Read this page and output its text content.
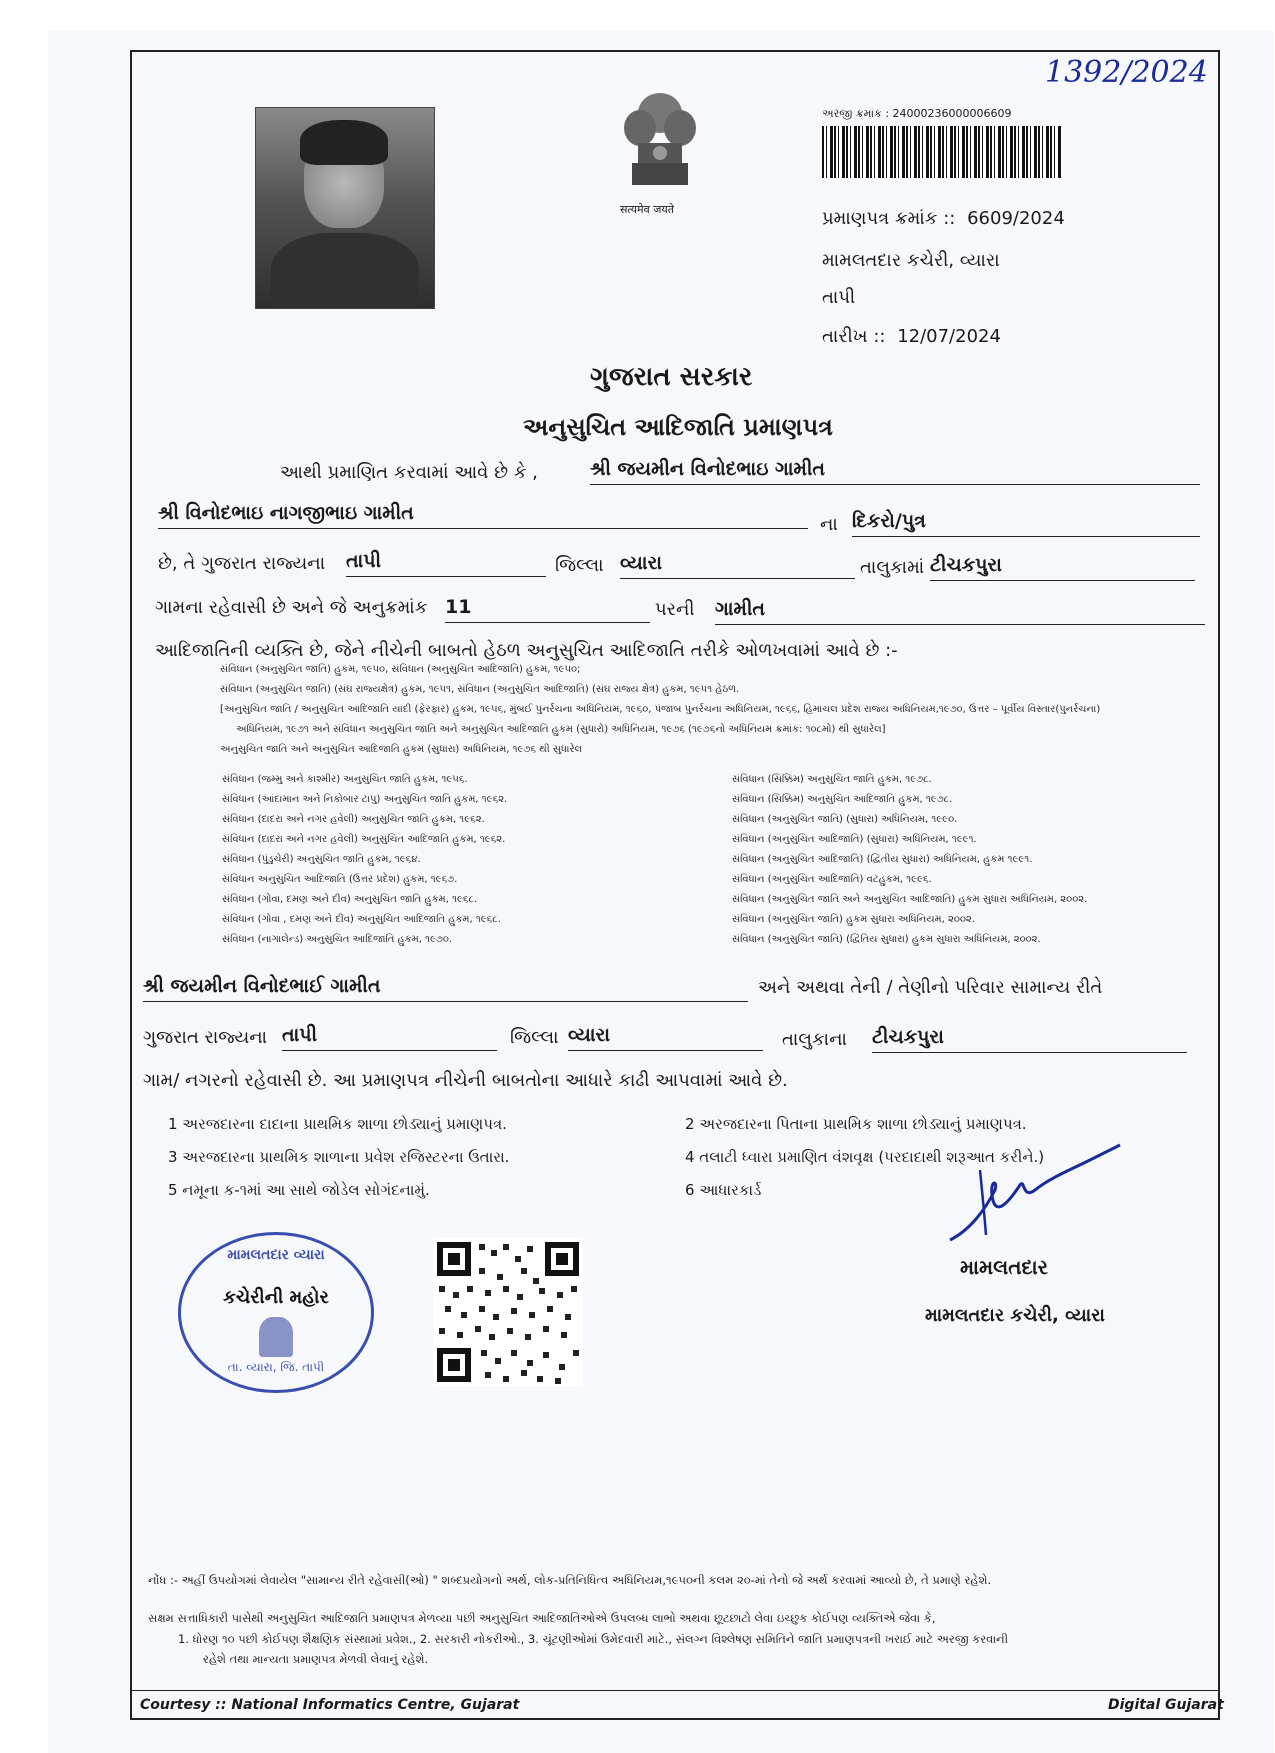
1392/2024
सत्यमेव जयते
અરજી ક્રમાંક : 24000236000006609
પ્રમાણપત્ર ક્રમાંક :: 6609/2024
મામલતદાર કચેરી, વ્યારા
તાપી
તારીખ :: 12/07/2024
ગુજરાત સરકાર
અનુસુચિત આદિજાતિ પ્રમાણપત્ર
આથી પ્રમાણિત કરવામાં આવે છે કે ,	શ્રી જયમીન વિનોદભાઇ ગામીત
શ્રી વિનોદભાઇ નાગજીભાઇ ગામીત
ના દિકરો/પુત્ર
છે, તે ગુજરાત રાજ્યના તાપી	જિલ્લા વ્યારા	તાલુકામાં ટીચકપુરા
ગામના રહેવાસી છે અને જે અનુક્રમાંક 11	પરની ગામીત
આદિજાતિની વ્યક્તિ છે, જેને નીચેની બાબતો હેઠળ અનુસુચિત આદિજાતિ તરીકે ઓળખવામાં આવે છે :-
સંવિધાન (અનુસુચિત જાતિ) હુકમ, ૧૯૫૦, સંવિધાન (અનુસુચિત આદિજાતિ) હુકમ, ૧૯૫૦;
સંવિધાન (અનુસુચિત જાતિ) (સંઘ રાજ્યક્ષેત્ર) હુકમ, ૧૯૫૧, સંવિધાન (અનુસુચિત આદિજાતિ) (સંઘ રાજ્ય ક્ષેત્ર) હુકમ, ૧૯૫૧ હેઠળ.
[અનુસુચિત જાતિ / અનુસુચિત આદિજાતિ યાદી (ફેરફાર) હુકમ, ૧૯૫૬, મુંબઈ પુનર્રચના અધિનિયમ, ૧૯૬૦, પંજાબ પુનર્રચના અધિનિયમ, ૧૯૬૬, હિમાચલ પ્રદેશ રાજ્ય અધિનિયમ,૧૯૭૦, ઉત્તર – પૂર્વીય વિસ્તાર(પુનર્રચના)
અધિનિયમ, ૧૯૭૧ અને સંવિધાન અનુસુચિત જાતિ અને અનુસુચિત આદિજાતિ હુકમ (સુધારો) અધિનિયમ, ૧૯૭૬ (૧૯૭૬નો અધિનિયમ ક્રમાંક: ૧૦૮મો) થી સુધારેલ]
અનુસુચિત જાતિ અને અનુસુચિત આદિજાતિ હુકમ (સુધારા) અધિનિયમ, ૧૯૭૬ થી સુધારેલ
સંવિધાન (જમ્મુ અને કાશ્મીર) અનુસુચિત જાતિ હુકમ, ૧૯૫૬.
સંવિધાન (આંદામાન અને નિકોબાર ટાપુ) અનુસુચિત જાતિ હુકમ, ૧૯૬૨.
સંવિધાન (દાદરા અને નગર હવેલી) અનુસુચિત જાતિ હુકમ, ૧૯૬૨.
સંવિધાન (દાદરા અને નગર હવેલી) અનુસુચિત આદિજાતિ હુકમ, ૧૯૬૨.
સંવિધાન (પુંડુચેરી) અનુસુચિત જાતિ હુકમ, ૧૯૬૪.
સંવિધાન અનુસુચિત આદિજાતિ (ઉત્તર પ્રદેશ) હુકમ, ૧૯૬૭.
સંવિધાન (ગોવા, દમણ અને દીવ) અનુસુચિત જાતિ હુકમ, ૧૯૬૮.
સંવિધાન (ગોવા , દમણ અને દીવ) અનુસુચિત આદિજાતિ હુકમ, ૧૯૬૮.
સંવિધાન (નાગાલેન્ડ) અનુસુચિત આદિજાતિ હુકમ, ૧૯૭૦.
સંવિધાન (સિક્કિમ) અનુસુચિત જાતિ હુકમ, ૧૯૭૮.
સંવિધાન (સિક્કિમ) અનુસુચિત આદિજાતિ હુકમ, ૧૯૭૮.
સંવિધાન (અનુસુચિત જાતિ) (સુધારા) અધિનિયમ, ૧૯૯૦.
સંવિધાન (અનુસુચિત આદિજાતિ) (સુધારા) અધિનિયમ, ૧૯૯૧.
સંવિધાન (અનુસુચિત આદિજાતિ) (દ્વિતીય સુધારા) અધિનિયમ, હુકમ ૧૯૯૧.
સંવિધાન (અનુસુચિત આદિજાતિ) વટહુકમ, ૧૯૯૬.
સંવિધાન (અનુસુચિત જાતિ અને અનુસુચિત આદિજાતિ) હુકમ સુધારા અધિનિયમ, ૨૦૦૨.
સંવિધાન (અનુસુચિત જાતિ) હુકમ સુધારા અધિનિયમ, ૨૦૦૨.
સંવિધાન (અનુસુચિત જાતિ) (દ્વિતિય સુધારા) હુકમ સુધારા અધિનિયમ, ૨૦૦૨.
શ્રી જયમીન વિનોદભાઈ ગામીત	અને અથવા તેની / તેણીનો પરિવાર સામાન્ય રીતે
ગુજરાત રાજ્યના તાપી	જિલ્લા વ્યારા	તાલુકાના ટીચકપુરા
ગામ/ નગરનો રહેવાસી છે. આ પ્રમાણપત્ર નીચેની બાબતોના આધારે કાઢી આપવામાં આવે છે.
1 અરજદારના દાદાના પ્રાથમિક શાળા છોડ્યાનું પ્રમાણપત્ર.	2 અરજદારના પિતાના પ્રાથમિક શાળા છોડ્યાનું પ્રમાણપત્ર.
3 અરજદારના પ્રાથમિક શાળાના પ્રવેશ રજિસ્ટરના ઉતારા.	4 તલાટી ધ્વારા પ્રમાણિત વંશવૃક્ષ (પરદાદાથી શરૂઆત કરીને.)
5 નમૂના ક-૧માં આ સાથે જોડેલ સોગંદનામું.	6 આધારકાર્ડ
મામલતદાર વ્યારા
કચેરીની મહોર
તા. વ્યારા, જિ. તાપી
મામલતદાર
મામલતદાર કચેરી, વ્યારા
નોંધ :- અહીં ઉપયોગમાં લેવાયેલ "સામાન્ય રીતે રહેવાસી(ઓ) " શબ્દપ્રયોગનો અર્થ, લોક-પ્રતિનિધિત્વ અધિનિયમ,૧૯૫૦ની કલમ ૨૦-માં તેનો જે અર્થ કરવામાં આવ્યો છે, તે પ્રમાણે રહેશે.
સક્ષમ સત્તાધિકારી પાસેથી અનુસુચિત આદિજાતિ પ્રમાણપત્ર મેળવ્યા પછી અનુસુચિત આદિજાતિઓએ ઉપલબ્ધ લાભો અથવા છૂટછાટો લેવા ઇચ્છુક કોઈપણ વ્યક્તિએ જેવા કે,
1. ધોરણ ૧૦ પછી કોઈપણ શૈક્ષણિક સંસ્થામાં પ્રવેશ., 2. સરકારી નોકરીઓ., 3. ચૂંટણીઓમાં ઉમેદવારી માટે., સંલગ્ન વિશ્લેષણ સમિતિને જાતિ પ્રમાણપત્રની ખરાઈ માટે અરજી કરવાની
રહેશે તથા માન્યતા પ્રમાણપત્ર મેળવી લેવાનું રહેશે.
Courtesy :: National Informatics Centre, Gujarat	Digital Gujarat
